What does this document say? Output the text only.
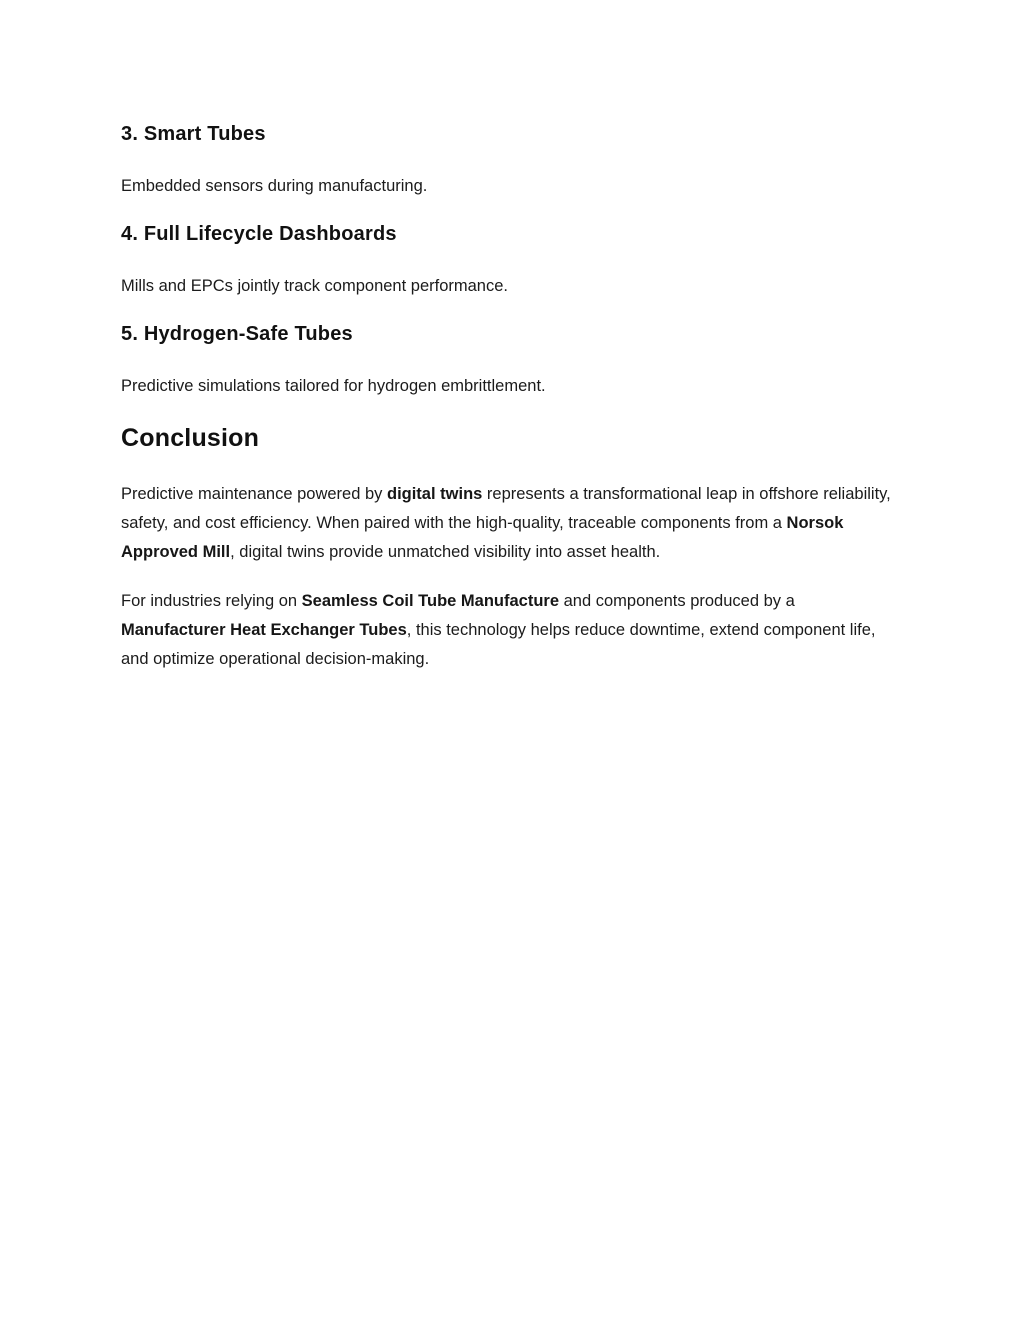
3. Smart Tubes

Embedded sensors during manufacturing.

4. Full Lifecycle Dashboards

Mills and EPCs jointly track component performance.

5. Hydrogen-Safe Tubes

Predictive simulations tailored for hydrogen embrittlement.

Conclusion

Predictive maintenance powered by digital twins represents a transformational leap in offshore reliability, safety, and cost efficiency. When paired with the high-quality, traceable components from a Norsok Approved Mill, digital twins provide unmatched visibility into asset health.

For industries relying on Seamless Coil Tube Manufacture and components produced by a Manufacturer Heat Exchanger Tubes, this technology helps reduce downtime, extend component life, and optimize operational decision-making.
